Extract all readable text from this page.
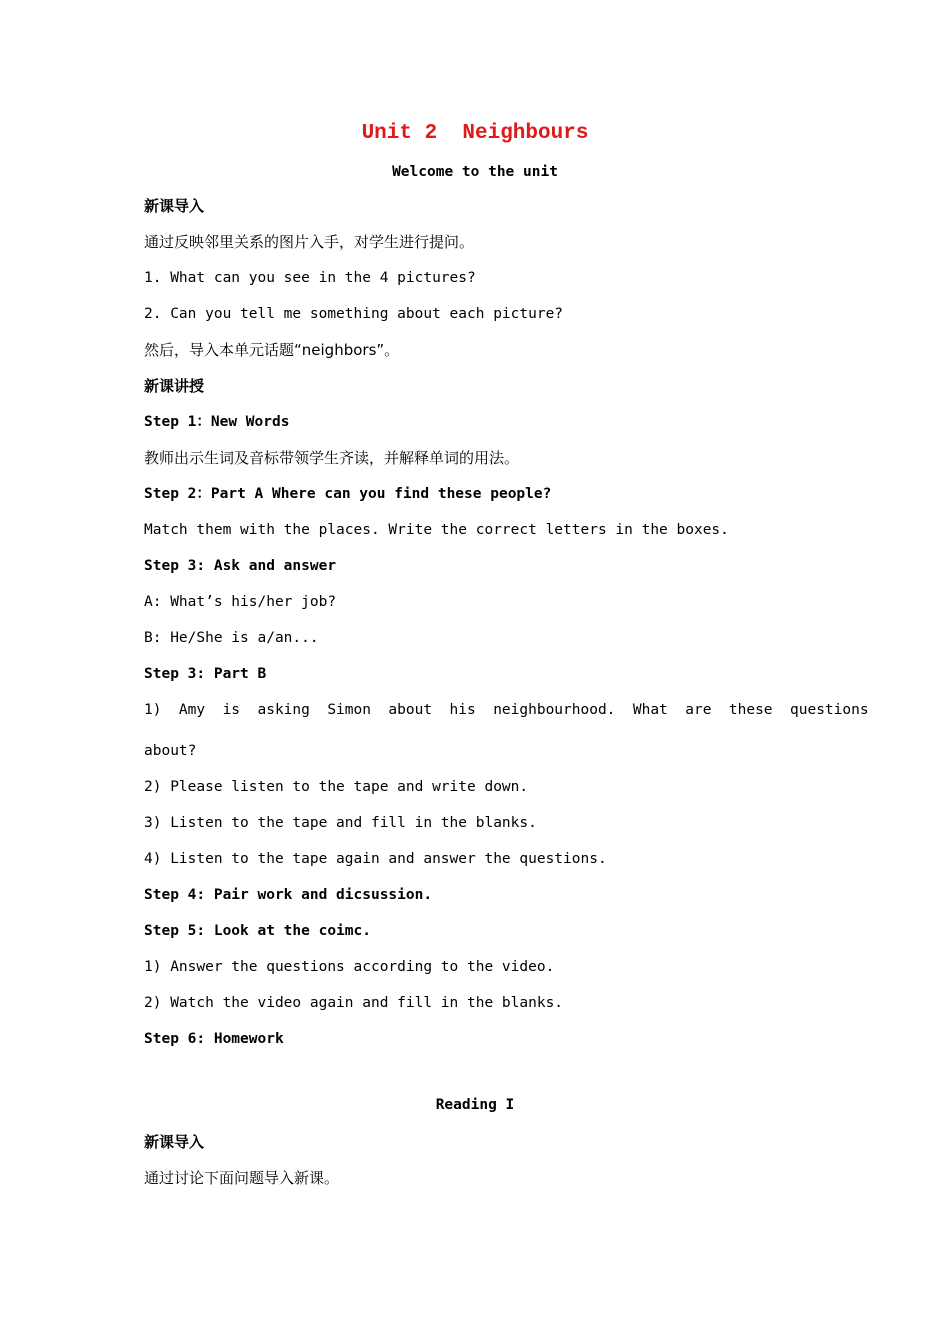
Unit 2  Neighbours
Welcome to the unit
新课导入
通过反映邻里关系的图片入手，对学生进行提问。
1. What can you see in the 4 pictures?
2. Can you tell me something about each picture?
然后，导入本单元话题“neighbors”。
新课讲授
Step 1：New Words
教师出示生词及音标带领学生齐读，并解释单词的用法。
Step 2：Part A Where can you find these people?
Match them with the places. Write the correct letters in the boxes.
Step 3: Ask and answer
A: What’s his/her job?
B: He/She is a/an...
Step 3: Part B
1)  Amy  is  asking  Simon  about  his  neighbourhood.  What  are  these  questions
about?
2) Please listen to the tape and write down.
3) Listen to the tape and fill in the blanks.
4) Listen to the tape again and answer the questions.
Step 4: Pair work and dicsussion.
Step 5: Look at the coimc.
1) Answer the questions according to the video.
2) Watch the video again and fill in the blanks.
Step 6: Homework
Reading I
新课导入
通过讨论下面问题导入新课。
